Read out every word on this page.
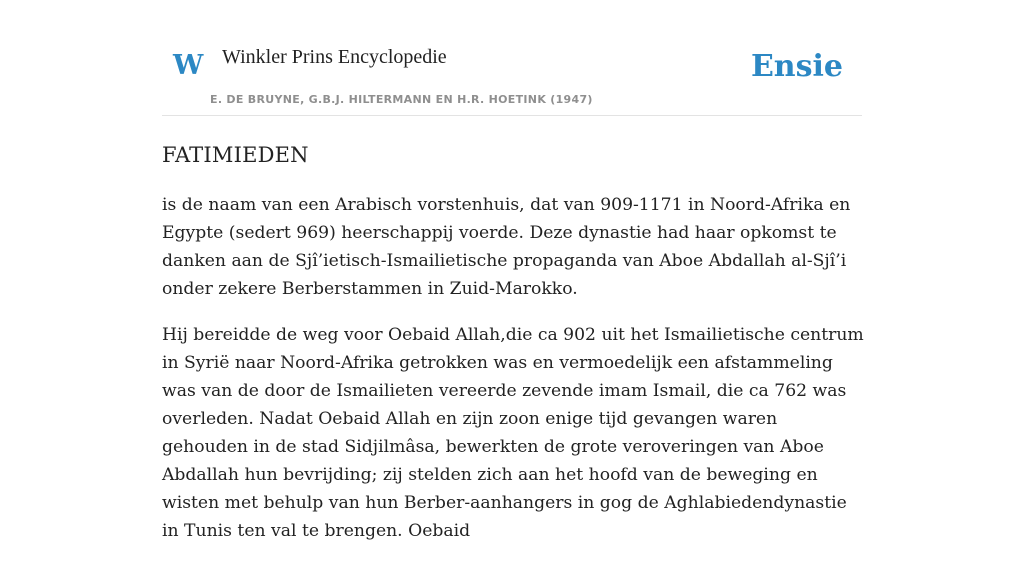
W Winkler Prins Encyclopedie
E. DE BRUYNE, G.B.J. HILTERMANN EN H.R. HOETINK (1947)
Ensie
FATIMIEDEN

is de naam van een Arabisch vorstenhuis, dat van 909-1171 in Noord-Afrika en Egypte (sedert 969) heerschappij voerde. Deze dynastie had haar opkomst te danken aan de Sjî’ietisch-Ismailietische propaganda van Aboe Abdallah al-Sjî’i onder zekere Berberstammen in Zuid-Marokko.

Hij bereidde de weg voor Oebaid Allah,die ca 902 uit het Ismailietische centrum in Syrië naar Noord-Afrika getrokken was en vermoedelijk een afstammeling was van de door de Ismailieten vereerde zevende imam Ismail, die ca 762 was overleden. Nadat Oebaid Allah en zijn zoon enige tijd gevangen waren gehouden in de stad Sidjilmâsa, bewerkten de grote veroveringen van Aboe Abdallah hun bevrijding; zij stelden zich aan het hoofd van de beweging en wisten met behulp van hun Berber-aanhangers in gog de Aghlabiedendynastie in Tunis ten val te brengen. Oebaid
